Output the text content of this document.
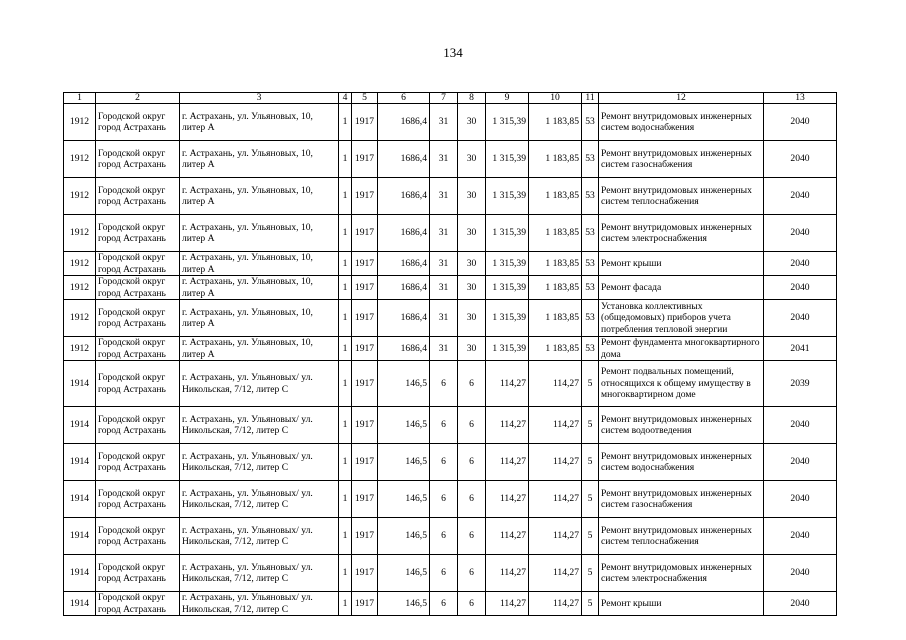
134
1	2	3	4	5	6	7	8	9	10	11	12	13
1912	Городской округ город Астрахань	г. Астрахань, ул. Ульяновых, 10, литер А	1	1917	1686,4	31	30	1 315,39	1 183,85	53	Ремонт внутридомовых инженерных систем водоснабжения	2040
1912	Городской округ город Астрахань	г. Астрахань, ул. Ульяновых, 10, литер А	1	1917	1686,4	31	30	1 315,39	1 183,85	53	Ремонт внутридомовых инженерных систем газоснабжения	2040
1912	Городской округ город Астрахань	г. Астрахань, ул. Ульяновых, 10, литер А	1	1917	1686,4	31	30	1 315,39	1 183,85	53	Ремонт внутридомовых инженерных систем теплоснабжения	2040
1912	Городской округ город Астрахань	г. Астрахань, ул. Ульяновых, 10, литер А	1	1917	1686,4	31	30	1 315,39	1 183,85	53	Ремонт внутридомовых инженерных систем электроснабжения	2040
1912	Городской округ город Астрахань	г. Астрахань, ул. Ульяновых, 10, литер А	1	1917	1686,4	31	30	1 315,39	1 183,85	53	Ремонт крыши	2040
1912	Городской округ город Астрахань	г. Астрахань, ул. Ульяновых, 10, литер А	1	1917	1686,4	31	30	1 315,39	1 183,85	53	Ремонт фасада	2040
1912	Городской округ город Астрахань	г. Астрахань, ул. Ульяновых, 10, литер А	1	1917	1686,4	31	30	1 315,39	1 183,85	53	Установка коллективных (общедомовых) приборов учета потребления тепловой энергии	2040
1912	Городской округ город Астрахань	г. Астрахань, ул. Ульяновых, 10, литер А	1	1917	1686,4	31	30	1 315,39	1 183,85	53	Ремонт фундамента многоквартирного дома	2041
1914	Городской округ город Астрахань	г. Астрахань, ул. Ульяновых/ ул. Никольская, 7/12, литер С	1	1917	146,5	6	6	114,27	114,27	5	Ремонт подвальных помещений, относящихся к общему имуществу в многоквартирном доме	2039
1914	Городской округ город Астрахань	г. Астрахань, ул. Ульяновых/ ул. Никольская, 7/12, литер С	1	1917	146,5	6	6	114,27	114,27	5	Ремонт внутридомовых инженерных систем водоотведения	2040
1914	Городской округ город Астрахань	г. Астрахань, ул. Ульяновых/ ул. Никольская, 7/12, литер С	1	1917	146,5	6	6	114,27	114,27	5	Ремонт внутридомовых инженерных систем водоснабжения	2040
1914	Городской округ город Астрахань	г. Астрахань, ул. Ульяновых/ ул. Никольская, 7/12, литер С	1	1917	146,5	6	6	114,27	114,27	5	Ремонт внутридомовых инженерных систем газоснабжения	2040
1914	Городской округ город Астрахань	г. Астрахань, ул. Ульяновых/ ул. Никольская, 7/12, литер С	1	1917	146,5	6	6	114,27	114,27	5	Ремонт внутридомовых инженерных систем теплоснабжения	2040
1914	Городской округ город Астрахань	г. Астрахань, ул. Ульяновых/ ул. Никольская, 7/12, литер С	1	1917	146,5	6	6	114,27	114,27	5	Ремонт внутридомовых инженерных систем электроснабжения	2040
1914	Городской округ город Астрахань	г. Астрахань, ул. Ульяновых/ ул. Никольская, 7/12, литер С	1	1917	146,5	6	6	114,27	114,27	5	Ремонт крыши	2040
